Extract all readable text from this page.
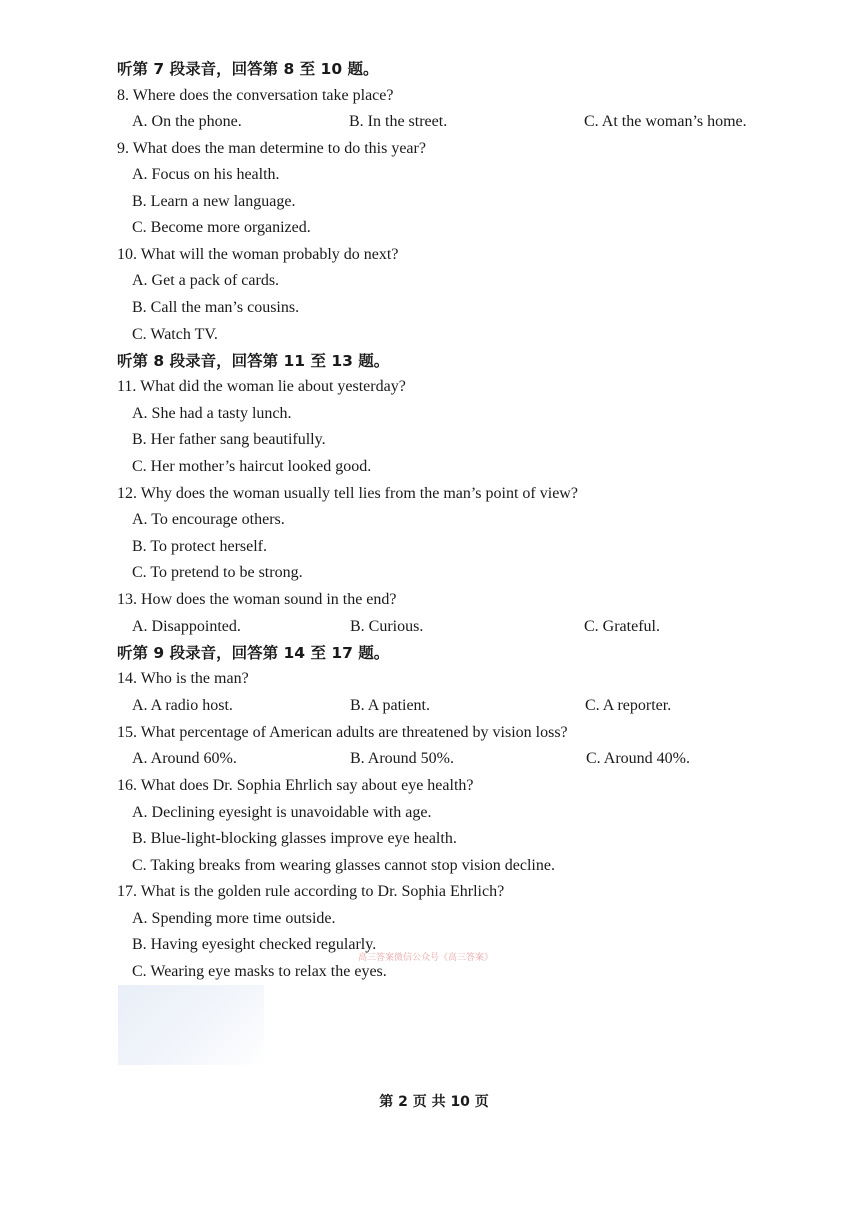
听第 7 段录音，回答第 8 至 10 题。
8. Where does the conversation take place?
A. On the phone.	B. In the street.	C. At the woman’s home.
9. What does the man determine to do this year?
A. Focus on his health.
B. Learn a new language.
C. Become more organized.
10. What will the woman probably do next?
A. Get a pack of cards.
B. Call the man’s cousins.
C. Watch TV.
听第 8 段录音，回答第 11 至 13 题。
11. What did the woman lie about yesterday?
A. She had a tasty lunch.
B. Her father sang beautifully.
C. Her mother’s haircut looked good.
12. Why does the woman usually tell lies from the man’s point of view?
A. To encourage others.
B. To protect herself.
C. To pretend to be strong.
13. How does the woman sound in the end?
A. Disappointed.	B. Curious.	C. Grateful.
听第 9 段录音，回答第 14 至 17 题。
14. Who is the man?
A. A radio host.	B. A patient.	C. A reporter.
15. What percentage of American adults are threatened by vision loss?
A. Around 60%.	B. Around 50%.	C. Around 40%.
16. What does Dr. Sophia Ehrlich say about eye health?
A. Declining eyesight is unavoidable with age.
B. Blue-light-blocking glasses improve eye health.
C. Taking breaks from wearing glasses cannot stop vision decline.
17. What is the golden rule according to Dr. Sophia Ehrlich?
A. Spending more time outside.
B. Having eyesight checked regularly.
C. Wearing eye masks to relax the eyes.
高三答案微信公众号《高三答案》
第 2 页 共 10 页
